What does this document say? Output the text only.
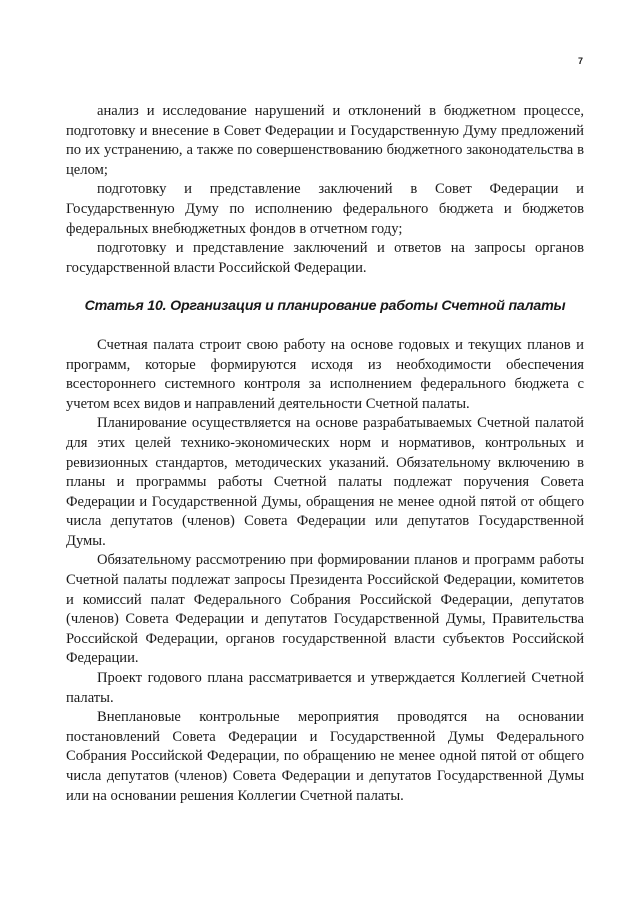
7

анализ и исследование нарушений и отклонений в бюджетном процессе, подготовку и внесение в Совет Федерации и Государственную Думу предложений по их устранению, а также по совершенствованию бюджетного законодательства в целом;

подготовку и представление заключений в Совет Федерации и Государственную Думу по исполнению федерального бюджета и бюджетов федеральных внебюджетных фондов в отчетном году;

подготовку и представление заключений и ответов на запросы органов государственной власти Российской Федерации.

Статья 10. Организация и планирование работы Счетной палаты

Счетная палата строит свою работу на основе годовых и текущих планов и программ, которые формируются исходя из необходимости обеспечения всестороннего системного контроля за исполнением федерального бюджета с учетом всех видов и направлений деятельности Счетной палаты.

Планирование осуществляется на основе разрабатываемых Счетной палатой для этих целей технико-экономических норм и нормативов, контрольных и ревизионных стандартов, методических указаний. Обязательному включению в планы и программы работы Счетной палаты подлежат поручения Совета Федерации и Государственной Думы, обращения не менее одной пятой от общего числа депутатов (членов) Совета Федерации или депутатов Государственной Думы.

Обязательному рассмотрению при формировании планов и программ работы Счетной палаты подлежат запросы Президента Российской Федерации, комитетов и комиссий палат Федерального Собрания Российской Федерации, депутатов (членов) Совета Федерации и депутатов Государственной Думы, Правительства Российской Федерации, органов государственной власти субъектов Российской Федерации.

Проект годового плана рассматривается и утверждается Коллегией Счетной палаты.

Внеплановые контрольные мероприятия проводятся на основании постановлений Совета Федерации и Государственной Думы Федерального Собрания Российской Федерации, по обращению не менее одной пятой от общего числа депутатов (членов) Совета Федерации и депутатов Государственной Думы или на основании решения Коллегии Счетной палаты.
